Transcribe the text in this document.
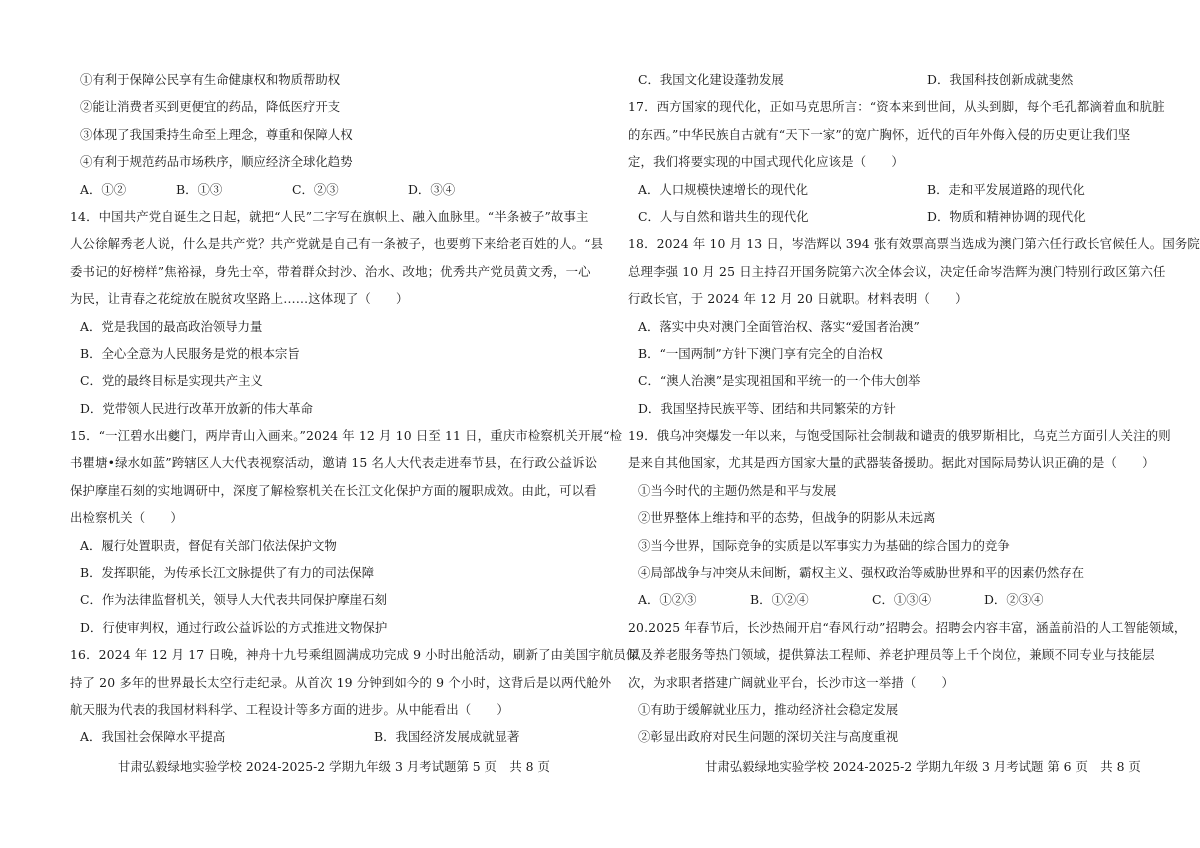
①有利于保障公民享有生命健康权和物质帮助权
②能让消费者买到更便宜的药品，降低医疗开支
③体现了我国秉持生命至上理念，尊重和保障人权
④有利于规范药品市场秩序，顺应经济全球化趋势
A．①②	B．①③	C．②③	D．③④
14．中国共产党自诞生之日起，就把“人民”二字写在旗帜上、融入血脉里。“半条被子”故事主
人公徐解秀老人说，什么是共产党？共产党就是自己有一条被子，也要剪下来给老百姓的人。“县
委书记的好榜样”焦裕禄，身先士卒，带着群众封沙、治水、改地；优秀共产党员黄文秀，一心
为民，让青春之花绽放在脱贫攻坚路上……这体现了（　　）
A．党是我国的最高政治领导力量
B．全心全意为人民服务是党的根本宗旨
C．党的最终目标是实现共产主义
D．党带领人民进行改革开放新的伟大革命
15．“一江碧水出夔门，两岸青山入画来。”2024 年 12 月 10 日至 11 日，重庆市检察机关开展“检
书瞿塘•绿水如蓝”跨辖区人大代表视察活动，邀请 15 名人大代表走进奉节县，在行政公益诉讼
保护摩崖石刻的实地调研中，深度了解检察机关在长江文化保护方面的履职成效。由此，可以看
出检察机关（　　）
A．履行处置职责，督促有关部门依法保护文物
B．发挥职能，为传承长江文脉提供了有力的司法保障
C．作为法律监督机关，领导人大代表共同保护摩崖石刻
D．行使审判权，通过行政公益诉讼的方式推进文物保护
16．2024 年 12 月 17 日晚，神舟十九号乘组圆满成功完成 9 小时出舱活动，刷新了由美国宇航员保
持了 20 多年的世界最长太空行走纪录。从首次 19 分钟到如今的 9 个小时，这背后是以两代舱外
航天服为代表的我国材料科学、工程设计等多方面的进步。从中能看出（　　）
A．我国社会保障水平提高	B．我国经济发展成就显著
C．我国文化建设蓬勃发展	D．我国科技创新成就斐然
17．西方国家的现代化，正如马克思所言：“资本来到世间，从头到脚，每个毛孔都滴着血和肮脏
的东西。”中华民族自古就有“天下一家”的宽广胸怀，近代的百年外侮入侵的历史更让我们坚
定，我们将要实现的中国式现代化应该是（　　）
A．人口规模快速增长的现代化	B．走和平发展道路的现代化
C．人与自然和谐共生的现代化	D．物质和精神协调的现代化
18．2024 年 10 月 13 日，岑浩辉以 394 张有效票高票当选成为澳门第六任行政长官候任人。国务院
总理李强 10 月 25 日主持召开国务院第六次全体会议，决定任命岑浩辉为澳门特别行政区第六任
行政长官，于 2024 年 12 月 20 日就职。材料表明（　　）
A．落实中央对澳门全面管治权、落实“爱国者治澳”
B．“一国两制”方针下澳门享有完全的自治权
C．“澳人治澳”是实现祖国和平统一的一个伟大创举
D．我国坚持民族平等、团结和共同繁荣的方针
19．俄乌冲突爆发一年以来，与饱受国际社会制裁和谴责的俄罗斯相比，乌克兰方面引人关注的则
是来自其他国家，尤其是西方国家大量的武器装备援助。据此对国际局势认识正确的是（　　）
①当今时代的主题仍然是和平与发展
②世界整体上维持和平的态势，但战争的阴影从未远离
③当今世界，国际竞争的实质是以军事实力为基础的综合国力的竞争
④局部战争与冲突从未间断，霸权主义、强权政治等威胁世界和平的因素仍然存在
A．①②③	B．①②④	C．①③④	D．②③④
20.2025 年春节后，长沙热闹开启“春风行动”招聘会。招聘会内容丰富，涵盖前沿的人工智能领域，
以及养老服务等热门领域，提供算法工程师、养老护理员等上千个岗位，兼顾不同专业与技能层
次，为求职者搭建广阔就业平台，长沙市这一举措（　　）
①有助于缓解就业压力，推动经济社会稳定发展
②彰显出政府对民生问题的深切关注与高度重视
甘肃弘毅绿地实验学校 2024-2025-2 学期九年级 3 月考试题第 5 页　共 8 页	甘肃弘毅绿地实验学校 2024-2025-2 学期九年级 3 月考试题 第 6 页　共 8 页
